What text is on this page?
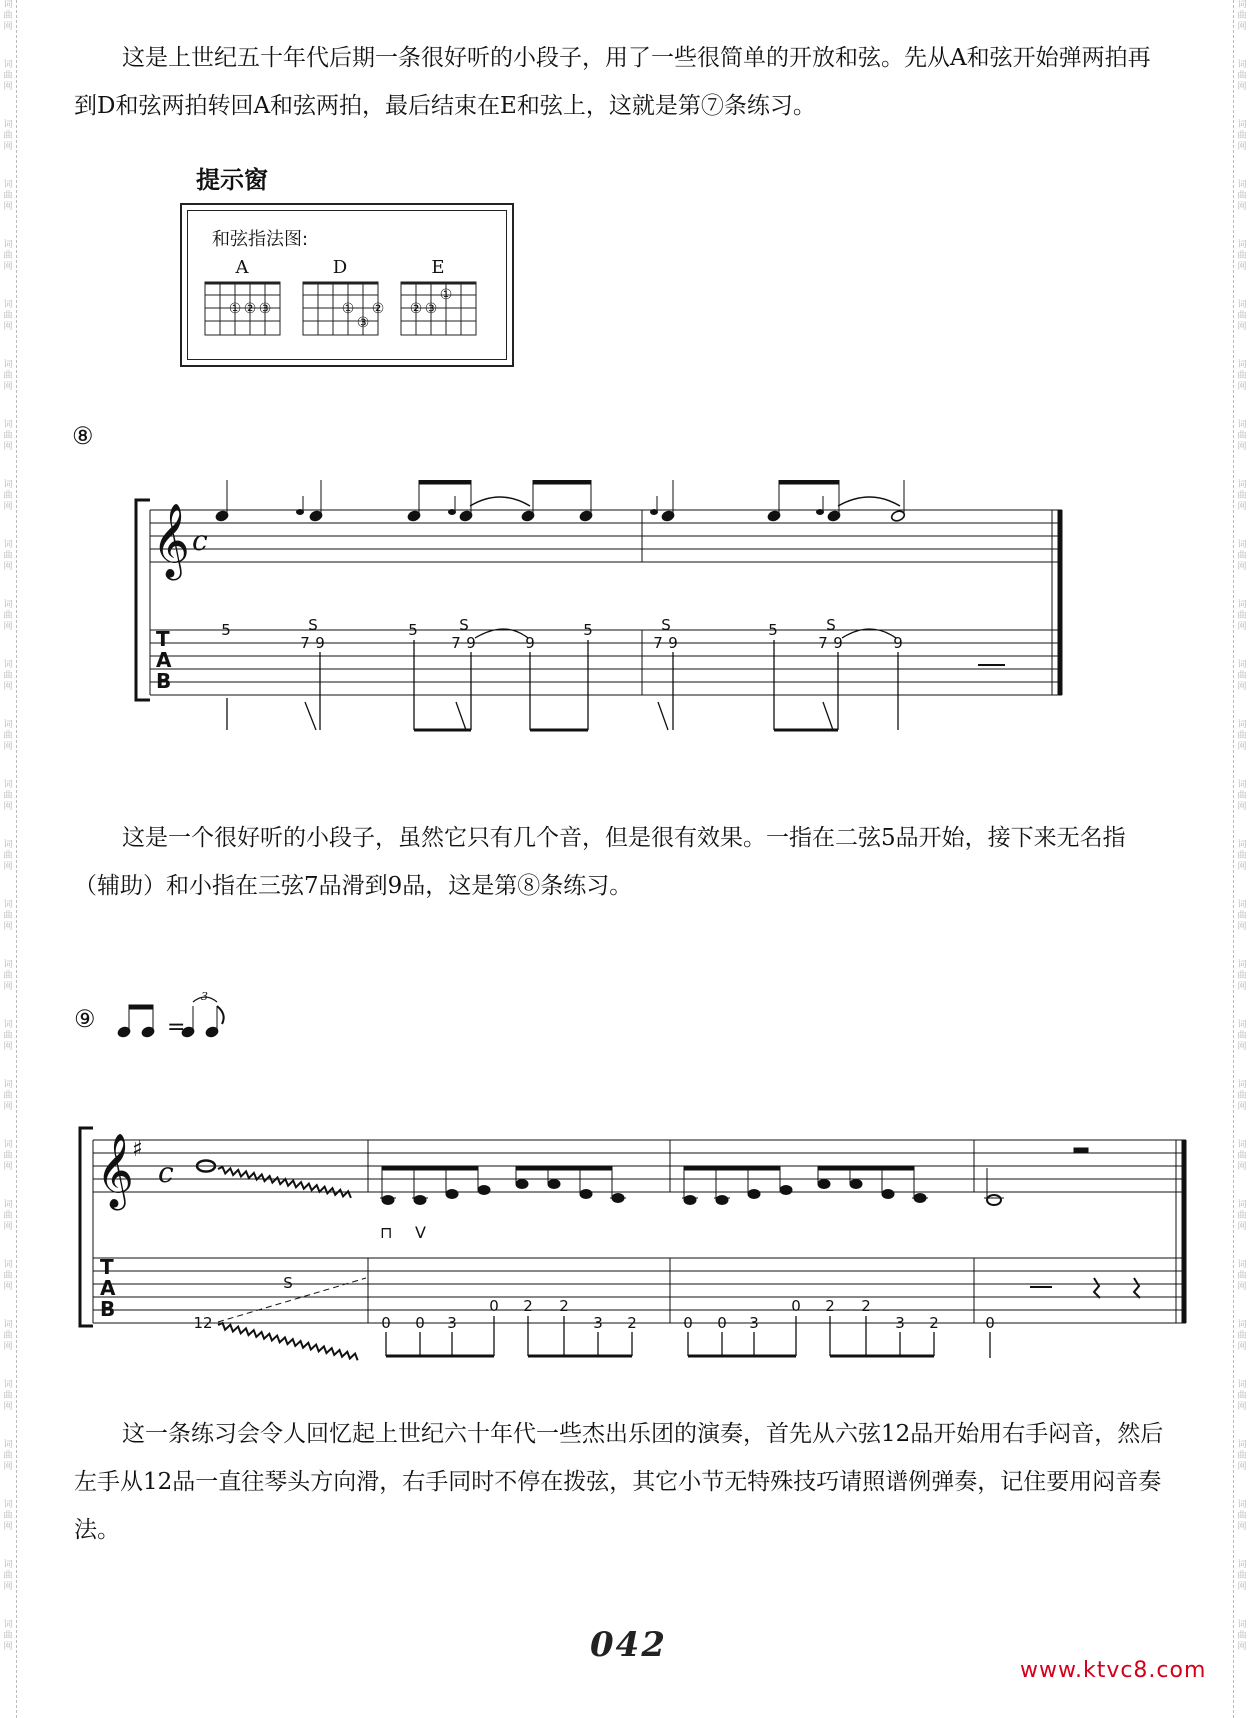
词
曲
网
词
曲
网
词
曲
网
词
曲
网
词
曲
网
词
曲
网
词
曲
网
词
曲
网
词
曲
网
词
曲
网
词
曲
网
词
曲
网
词
曲
网
词
曲
网
词
曲
网
词
曲
网
词
曲
网
词
曲
网
词
曲
网
词
曲
网
词
曲
网
词
曲
网
词
曲
网
词
曲
网
词
曲
网
词
曲
网
词
曲
网
词
曲
网
词
曲
网
词
曲
网
词
曲
网
词
曲
网
词
曲
网
词
曲
网
词
曲
网
词
曲
网
词
曲
网
词
曲
网
词
曲
网
词
曲
网
词
曲
网
词
曲
网
词
曲
网
词
曲
网
词
曲
网
词
曲
网
词
曲
网
词
曲
网
词
曲
网
词
曲
网
词
曲
网
词
曲
网
词
曲
网
词
曲
网
词
曲
网
词
曲
网

这是上世纪五十年代后期一条很好听的小段子，用了一些很简单的开放和弦。先从A和弦开始弹两拍再到D和弦两拍转回A和弦两拍，最后结束在E和弦上，这就是第⑦条练习。

提示窗
和弦指法图:
A
① ② ③
D
① ②
③
E
①
② ③
⑧
𝄞 c
T
A
B
5
7 9
S	5
7 9
S
9
5
7 9
S	5
7 9
S
9

这是一个很好听的小段子，虽然它只有几个音，但是很有效果。一指在二弦5品开始，接下来无名指（辅助）和小指在三弦7品滑到9品，这是第⑧条练习。

⑨	=
3
𝄞
♯
c
T
A
B
⊓ V
12
S
0 0 3
0 2 2
3 2	0 0 3
0 2 2
3 2	0

这一条练习会令人回忆起上世纪六十年代一些杰出乐团的演奏，首先从六弦12品开始用右手闷音，然后左手从12品一直往琴头方向滑，右手同时不停在拨弦，其它小节无特殊技巧请照谱例弹奏，记住要用闷音奏法。

042
www.ktvc8.com
